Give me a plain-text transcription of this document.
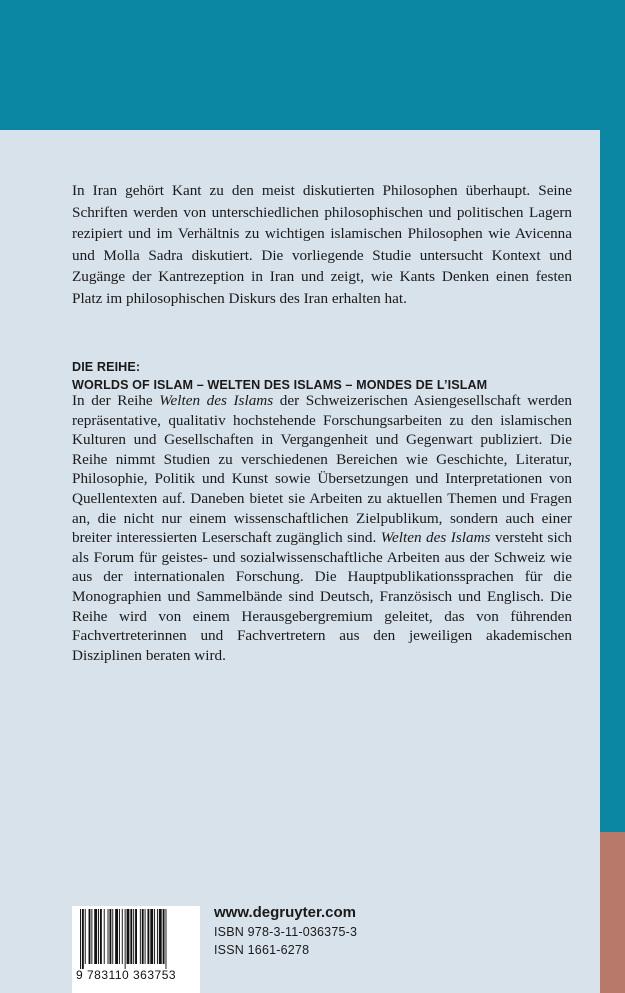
In Iran gehört Kant zu den meist diskutierten Philosophen überhaupt. Seine Schriften werden von unterschiedlichen philosophischen und politischen Lagern rezipiert und im Verhältnis zu wichtigen islamischen Philosophen wie Avicenna und Molla Sadra diskutiert. Die vorliegende Studie untersucht Kontext und Zugänge der Kantrezeption in Iran und zeigt, wie Kants Denken einen festen Platz im philosophischen Diskurs des Iran erhalten hat.

DIE REIHE:
WORLDS OF ISLAM – WELTEN DES ISLAMS – MONDES DE L’ISLAM

In der Reihe Welten des Islams der Schweizerischen Asiengesellschaft werden repräsentative, qualitativ hochstehende Forschungsarbeiten zu den islamischen Kulturen und Gesellschaften in Vergangenheit und Gegenwart publiziert. Die Reihe nimmt Studien zu verschiedenen Bereichen wie Geschichte, Literatur, Philosophie, Politik und Kunst sowie Übersetzungen und Interpretationen von Quellentexten auf. Daneben bietet sie Arbeiten zu aktuellen Themen und Fragen an, die nicht nur einem wissenschaftlichen Zielpublikum, sondern auch einer breiter interessierten Leserschaft zugänglich sind. Welten des Islams versteht sich als Forum für geistes- und sozialwissenschaftliche Arbeiten aus der Schweiz wie aus der internationalen Forschung. Die Hauptpublikationssprachen für die Monographien und Sammelbände sind Deutsch, Französisch und Englisch. Die Reihe wird von einem Herausgebergremium geleitet, das von führenden Fachvertreterinnen und Fachvertretern aus den jeweiligen akademischen Disziplinen beraten wird.

9 783110 363753
www.degruyter.com
ISBN 978-3-11-036375-3
ISSN 1661-6278
